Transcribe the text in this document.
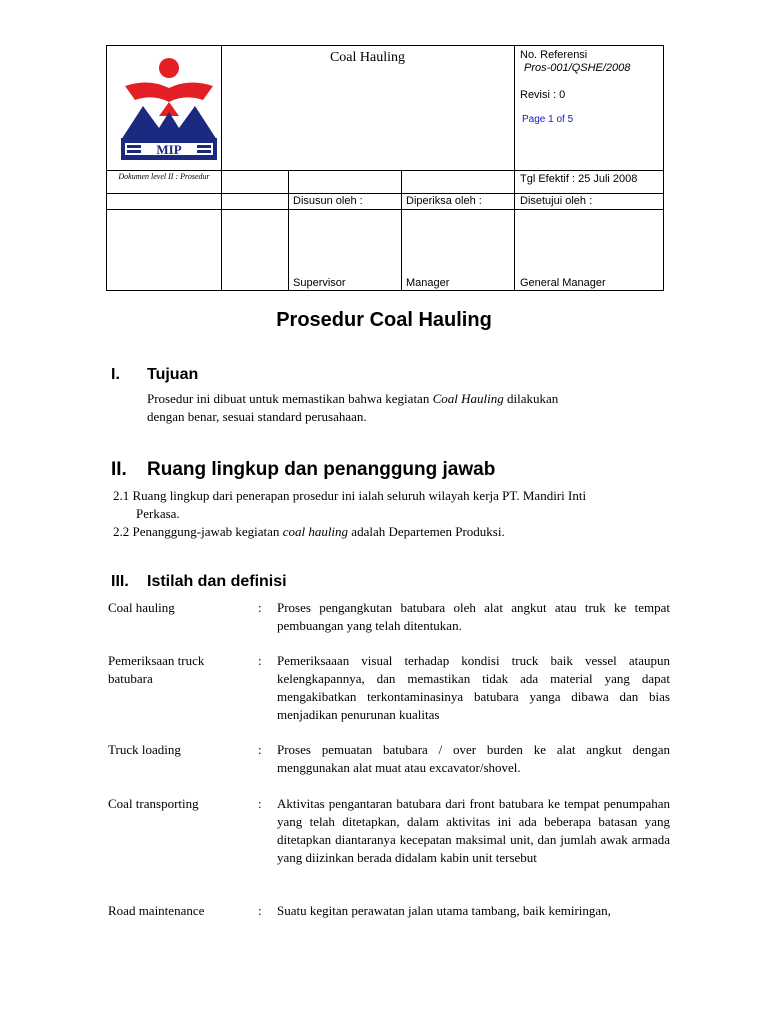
MIP
Coal Hauling	No. Referensi
Pros-001/QSHE/2008
Revisi : 0
Page 1 of 5
Dokumen level II : Prosedur	Tgl Efektif : 25 Juli 2008
Disusun oleh :	Diperiksa oleh :	Disetujui oleh :
Supervisor	Manager	General Manager
Prosedur Coal Hauling
I. Tujuan
Prosedur ini dibuat untuk memastikan bahwa kegiatan Coal Hauling dilakukan
dengan benar, sesuai standard perusahaan.
II. Ruang lingkup dan penanggung jawab
2.1 Ruang lingkup dari penerapan prosedur ini ialah seluruh wilayah kerja PT. Mandiri Inti
Perkasa.
2.2 Penanggung-jawab kegiatan coal hauling adalah Departemen Produksi.
III. Istilah dan definisi
Coal hauling	: Proses pengangkutan batubara oleh alat angkut atau truk ke tempat pembuangan yang telah ditentukan.
Pemeriksaan truck batubara
: Pemeriksaaan visual terhadap kondisi truck baik vessel ataupun kelengkapannya, dan memastikan tidak ada material yang dapat mengakibatkan terkontaminasinya batubara yanga dibawa dan bias menjadikan penurunan kualitas
Truck loading	: Proses pemuatan batubara / over burden ke alat angkut dengan menggunakan alat muat atau excavator/shovel.
Coal transporting	: Aktivitas pengantaran batubara dari front batubara ke tempat penumpahan yang telah ditetapkan, dalam aktivitas ini ada beberapa batasan yang ditetapkan diantaranya kecepatan maksimal unit, dan jumlah awak armada yang diizinkan berada didalam kabin unit tersebut
Road maintenance	: Suatu kegitan perawatan jalan utama tambang, baik kemiringan,
